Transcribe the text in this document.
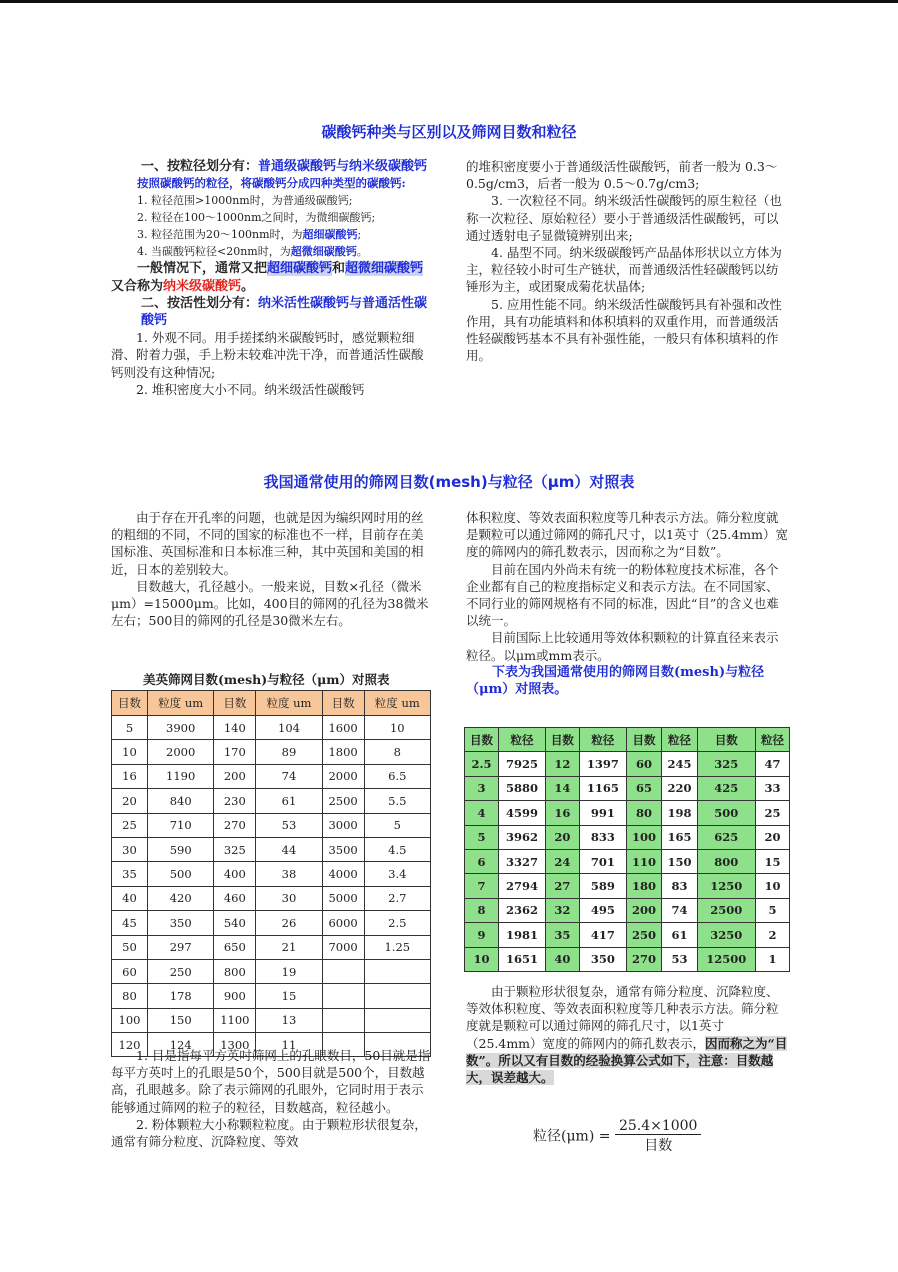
碳酸钙种类与区别以及筛网目数和粒径

一、按粒径划分有：普通级碳酸钙与纳米级碳酸钙

按照碳酸钙的粒径，将碳酸钙分成四种类型的碳酸钙:

1. 粒径范围>1000nm时，为普通级碳酸钙;

2. 粒径在100～1000nm之间时，为微细碳酸钙;

3. 粒径范围为20～100nm时，为超细碳酸钙;

4. 当碳酸钙粒径<20nm时，为超微细碳酸钙。

一般情况下，通常又把超细碳酸钙和超微细碳酸钙又合称为纳米级碳酸钙。

二、按活性划分有：纳米活性碳酸钙与普通活性碳酸钙

1. 外观不同。用手搓揉纳米碳酸钙时，感觉颗粒细滑、附着力强，手上粉末较难冲洗干净，而普通活性碳酸钙则没有这种情况;

2. 堆积密度大小不同。纳米级活性碳酸钙

的堆积密度要小于普通级活性碳酸钙，前者一般为 0.3～0.5g/cm3，后者一般为 0.5～0.7g/cm3;

3. 一次粒径不同。纳米级活性碳酸钙的原生粒径（也称一次粒径、原始粒径）要小于普通级活性碳酸钙，可以通过透射电子显微镜辨别出来;

4. 晶型不同。纳米级碳酸钙产品晶体形状以立方体为主，粒径较小时可生产链状，而普通级活性轻碳酸钙以纺锤形为主，或团聚成菊花状晶体;

5. 应用性能不同。纳米级活性碳酸钙具有补强和改性作用，具有功能填料和体积填料的双重作用，而普通级活性轻碳酸钙基本不具有补强性能，一般只有体积填料的作用。

我国通常使用的筛网目数(mesh)与粒径（μm）对照表

由于存在开孔率的问题，也就是因为编织网时用的丝的粗细的不同，不同的国家的标准也不一样，目前存在美国标准、英国标准和日本标准三种，其中英国和美国的相近，日本的差别较大。

目数越大，孔径越小。一般来说，目数×孔径（微米μm）=15000μm。比如，400目的筛网的孔径为38微米左右；500目的筛网的孔径是30微米左右。

美英筛网目数(mesh)与粒径（μm）对照表
目数	粒度 um	目数	粒度 um	目数	粒度 um
5	3900	140	104	1600	10
10	2000	170	89	1800	8
16	1190	200	74	2000	6.5
20	840	230	61	2500	5.5
25	710	270	53	3000	5
30	590	325	44	3500	4.5
35	500	400	38	4000	3.4
40	420	460	30	5000	2.7
45	350	540	26	6000	2.5
50	297	650	21	7000	1.25
60	250	800	19		
80	178	900	15		
100	150	1100	13		
120	124	1300	11		

1. 目是指每平方英吋筛网上的孔眼数目，50目就是指每平方英吋上的孔眼是50个，500目就是500个，目数越高，孔眼越多。除了表示筛网的孔眼外，它同时用于表示能够通过筛网的粒子的粒径，目数越高，粒径越小。

2. 粉体颗粒大小称颗粒粒度。由于颗粒形状很复杂，通常有筛分粒度、沉降粒度、等效

体积粒度、等效表面积粒度等几种表示方法。筛分粒度就是颗粒可以通过筛网的筛孔尺寸，以1英寸（25.4mm）宽度的筛网内的筛孔数表示，因而称之为“目数”。

目前在国内外尚未有统一的粉体粒度技术标准，各个企业都有自己的粒度指标定义和表示方法。在不同国家、不同行业的筛网规格有不同的标准，因此“目”的含义也难以统一。

目前国际上比较通用等效体积颗粒的计算直径来表示粒径。以μm或mm表示。

下表为我国通常使用的筛网目数(mesh)与粒径（μm）对照表。

目数	粒径	目数	粒径	目数	粒径	目数	粒径
2.5	7925	12	1397	60	245	325	47
3	5880	14	1165	65	220	425	33
4	4599	16	991	80	198	500	25
5	3962	20	833	100	165	625	20
6	3327	24	701	110	150	800	15
7	2794	27	589	180	83	1250	10
8	2362	32	495	200	74	2500	5
9	1981	35	417	250	61	3250	2
10	1651	40	350	270	53	12500	1

由于颗粒形状很复杂，通常有筛分粒度、沉降粒度、等效体积粒度、等效表面积粒度等几种表示方法。筛分粒度就是颗粒可以通过筛网的筛孔尺寸，以1英寸（25.4mm）宽度的筛网内的筛孔数表示，因而称之为“目数”。所以又有目数的经验换算公式如下，注意：目数越大，误差越大。

粒径$(\mu m) = \frac{25.4\times 1000}{\text{目数}}$
